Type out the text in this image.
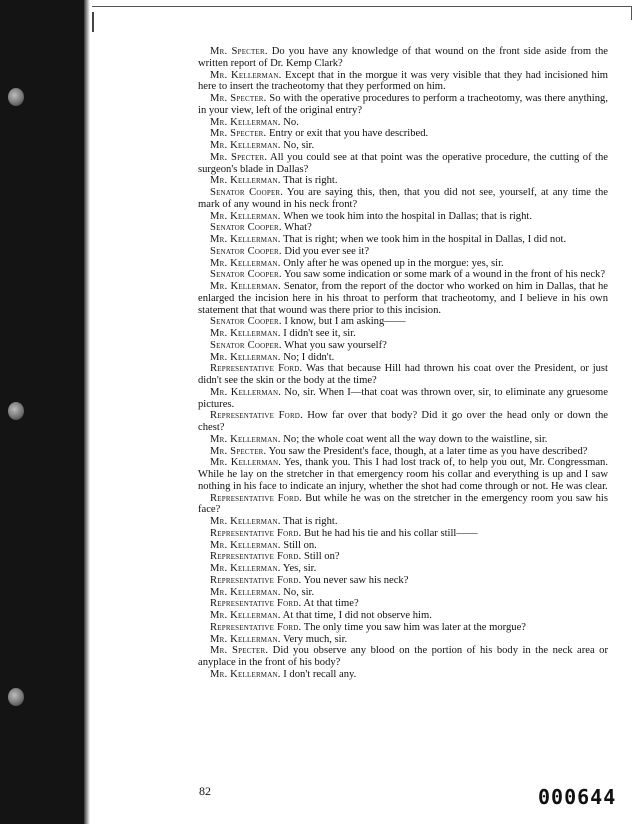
Mr. Specter. Do you have any knowledge of that wound on the front side aside from the written report of Dr. Kemp Clark?

Mr. Kellerman. Except that in the morgue it was very visible that they had incisioned him here to insert the tracheotomy that they performed on him.

Mr. Specter. So with the operative procedures to perform a tracheotomy, was there anything, in your view, left of the original entry?

Mr. Kellerman. No.

Mr. Specter. Entry or exit that you have described.

Mr. Kellerman. No, sir.

Mr. Specter. All you could see at that point was the operative procedure, the cutting of the surgeon's blade in Dallas?

Mr. Kellerman. That is right.

Senator Cooper. You are saying this, then, that you did not see, yourself, at any time the mark of any wound in his neck front?

Mr. Kellerman. When we took him into the hospital in Dallas; that is right.

Senator Cooper. What?

Mr. Kellerman. That is right; when we took him in the hospital in Dallas, I did not.

Senator Cooper. Did you ever see it?

Mr. Kellerman. Only after he was opened up in the morgue: yes, sir.

Senator Cooper. You saw some indication or some mark of a wound in the front of his neck?

Mr. Kellerman. Senator, from the report of the doctor who worked on him in Dallas, that he enlarged the incision here in his throat to perform that tracheotomy, and I believe in his own statement that that wound was there prior to this incision.

Senator Cooper. I know, but I am asking——

Mr. Kellerman. I didn't see it, sir.

Senator Cooper. What you saw yourself?

Mr. Kellerman. No; I didn't.

Representative Ford. Was that because Hill had thrown his coat over the President, or just didn't see the skin or the body at the time?

Mr. Kellerman. No, sir. When I—that coat was thrown over, sir, to eliminate any gruesome pictures.

Representative Ford. How far over that body? Did it go over the head only or down the chest?

Mr. Kellerman. No; the whole coat went all the way down to the waistline, sir.

Mr. Specter. You saw the President's face, though, at a later time as you have described?

Mr. Kellerman. Yes, thank you. This I had lost track of, to help you out, Mr. Congressman. While he lay on the stretcher in that emergency room his collar and everything is up and I saw nothing in his face to indicate an injury, whether the shot had come through or not. He was clear.

Representative Ford. But while he was on the stretcher in the emergency room you saw his face?

Mr. Kellerman. That is right.

Representative Ford. But he had his tie and his collar still——

Mr. Kellerman. Still on.

Representative Ford. Still on?

Mr. Kellerman. Yes, sir.

Representative Ford. You never saw his neck?

Mr. Kellerman. No, sir.

Representative Ford. At that time?

Mr. Kellerman. At that time, I did not observe him.

Representative Ford. The only time you saw him was later at the morgue?

Mr. Kellerman. Very much, sir.

Mr. Specter. Did you observe any blood on the portion of his body in the neck area or anyplace in the front of his body?

Mr. Kellerman. I don't recall any.

82	000644
